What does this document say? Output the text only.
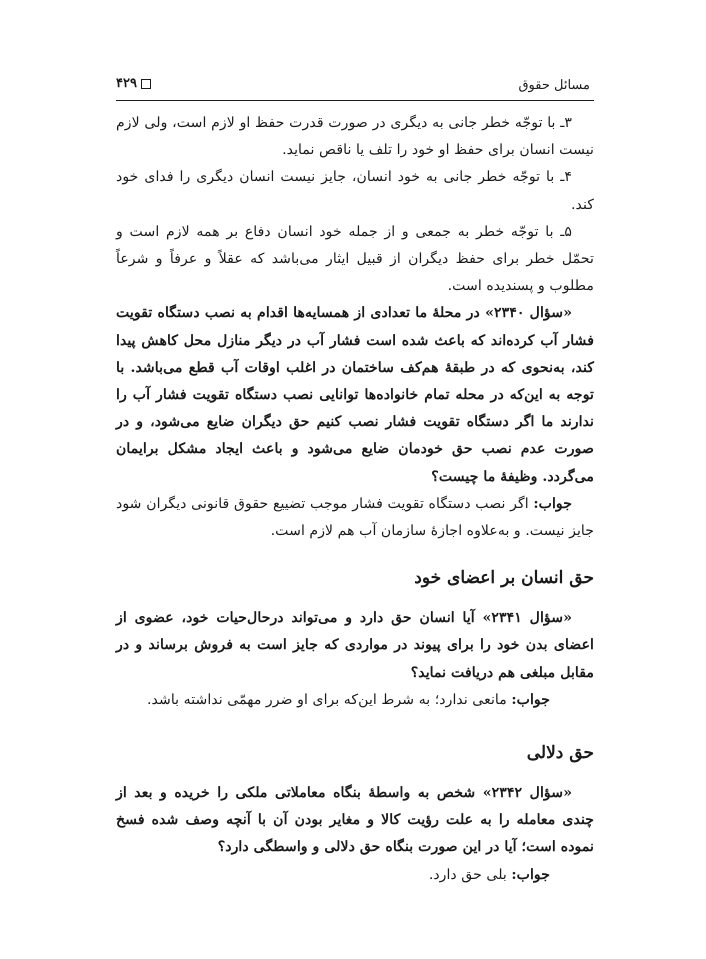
مسائل حقوق
۴۲۹

۳ـ با توجّه خطر جانی به دیگری در صورت قدرت حفظ او لازم است، ولی لازم نیست انسان برای حفظ او خود را تلف یا ناقص نماید.

۴ـ با توجّه خطر جانی به خود انسان، جایز نیست انسان دیگری را فدای خود کند.

۵ـ با توجّه خطر به جمعی و از جمله خود انسان دفاع بر همه لازم است و تحمّل خطر برای حفظ دیگران از قبیل ایثار می‌باشد که عقلاً و عرفاً و شرعاً مطلوب و پسندیده است.

«سؤال ۲۳۴۰» در محلهٔ ما تعدادی از همسایه‌ها اقدام به نصب دستگاه تقویت فشار آب کرده‌اند که باعث شده است فشار آب در دیگر منازل محل کاهش پیدا کند، به‌نحوی که در طبقهٔ هم‌کف ساختمان در اغلب اوقات آب قطع می‌باشد. با توجه به این‌که در محله تمام خانواده‌ها توانایی نصب دستگاه تقویت فشار آب را ندارند ما اگر دستگاه تقویت فشار نصب کنیم حق دیگران ضایع می‌شود، و در صورت عدم نصب حق خودمان ضایع می‌شود و باعث ایجاد مشکل برایمان می‌گردد. وظیفهٔ ما چیست؟

جواب: اگر نصب دستگاه تقویت فشار موجب تضییع حقوق قانونی دیگران شود جایز نیست. و به‌علاوه اجازهٔ سازمان آب هم لازم است.

حق انسان بر اعضای خود

«سؤال ۲۳۴۱» آیا انسان حق دارد و می‌تواند درحال‌حیات خود، عضوی از اعضای بدن خود را برای پیوند در مواردی که جایز است به فروش برساند و در مقابل مبلغی هم دریافت نماید؟

جواب: مانعی ندارد؛ به شرط این‌که برای او ضرر مهمّی نداشته باشد.

حق دلالی

«سؤال ۲۳۴۲» شخص به واسطهٔ بنگاه معاملاتی ملکی را خریده و بعد از چندی معامله را به علت رؤیت کالا و مغایر بودن آن با آنچه وصف شده فسخ نموده است؛ آیا در این صورت بنگاه حق دلالی و واسطگی دارد؟

جواب: بلی حق دارد.
